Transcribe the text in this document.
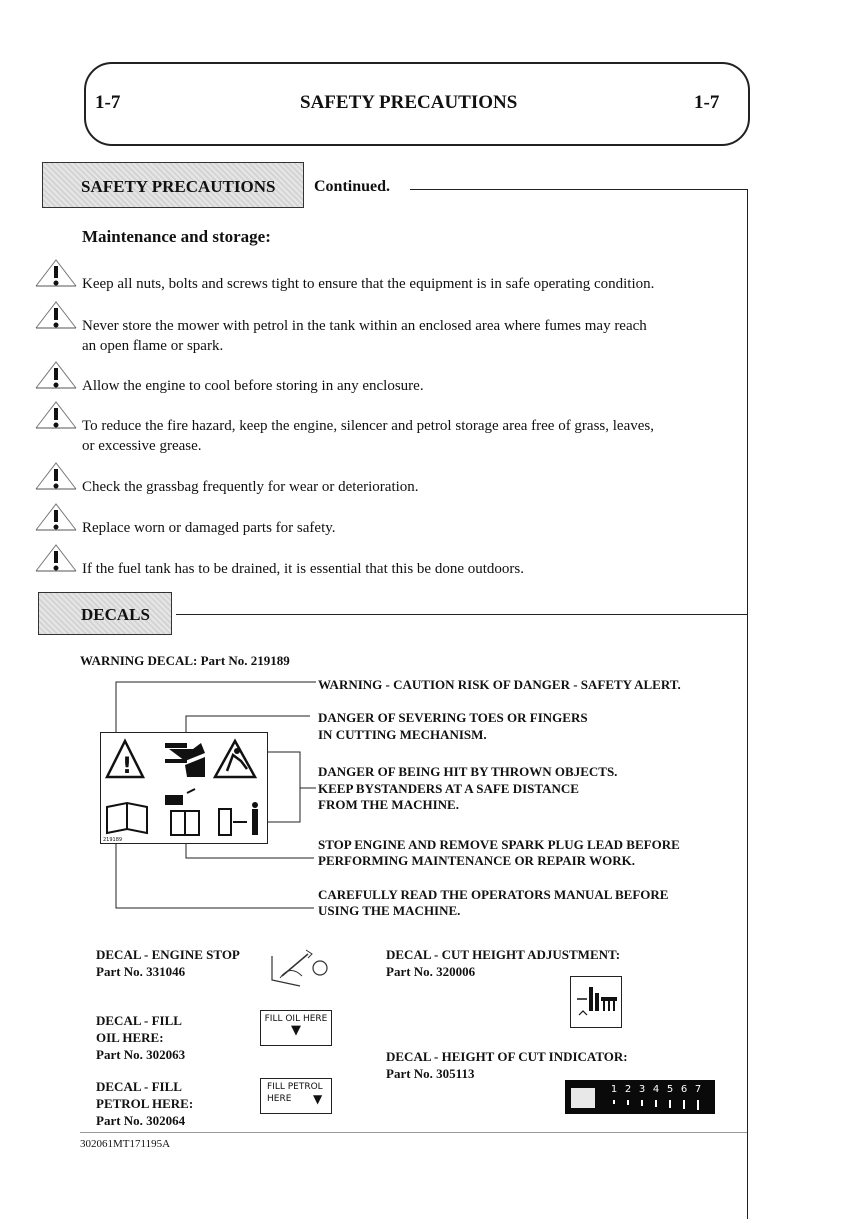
1-7	SAFETY PRECAUTIONS	1-7
SAFETY PRECAUTIONS	Continued.
Maintenance and storage:
Keep all nuts, bolts and screws tight to ensure that the equipment is in safe operating condition.
Never store the mower with petrol in the tank within an enclosed area where fumes may reach
an open flame or spark.
Allow the engine to cool before storing in any enclosure.
To reduce the fire hazard, keep the engine, silencer and petrol storage area free of grass, leaves,
or excessive grease.
Check the grassbag frequently for wear or deterioration.
Replace worn or damaged parts for safety.
If the fuel tank has to be drained, it is essential that this be done outdoors.
DECALS
WARNING DECAL: Part No. 219189
!
219189
WARNING - CAUTION RISK OF DANGER - SAFETY ALERT.
DANGER OF SEVERING TOES OR FINGERS
IN CUTTING MECHANISM.
DANGER OF BEING HIT BY THROWN OBJECTS.
KEEP BYSTANDERS AT A SAFE DISTANCE
FROM THE MACHINE.
STOP ENGINE AND REMOVE SPARK PLUG LEAD BEFORE
PERFORMING MAINTENANCE OR REPAIR WORK.
CAREFULLY READ THE OPERATORS MANUAL BEFORE
USING THE MACHINE.
DECAL - ENGINE STOP
Part No. 331046
DECAL - FILL
OIL HERE:
Part No. 302063
FILL OIL HERE
▼
DECAL - FILL
PETROL HERE:
Part No. 302064
FILL PETROL
HERE ▼
DECAL - CUT HEIGHT ADJUSTMENT:
Part No. 320006
DECAL - HEIGHT OF CUT INDICATOR:
Part No. 305113
1 2 3 4 5 6 7
302061MT171195A
